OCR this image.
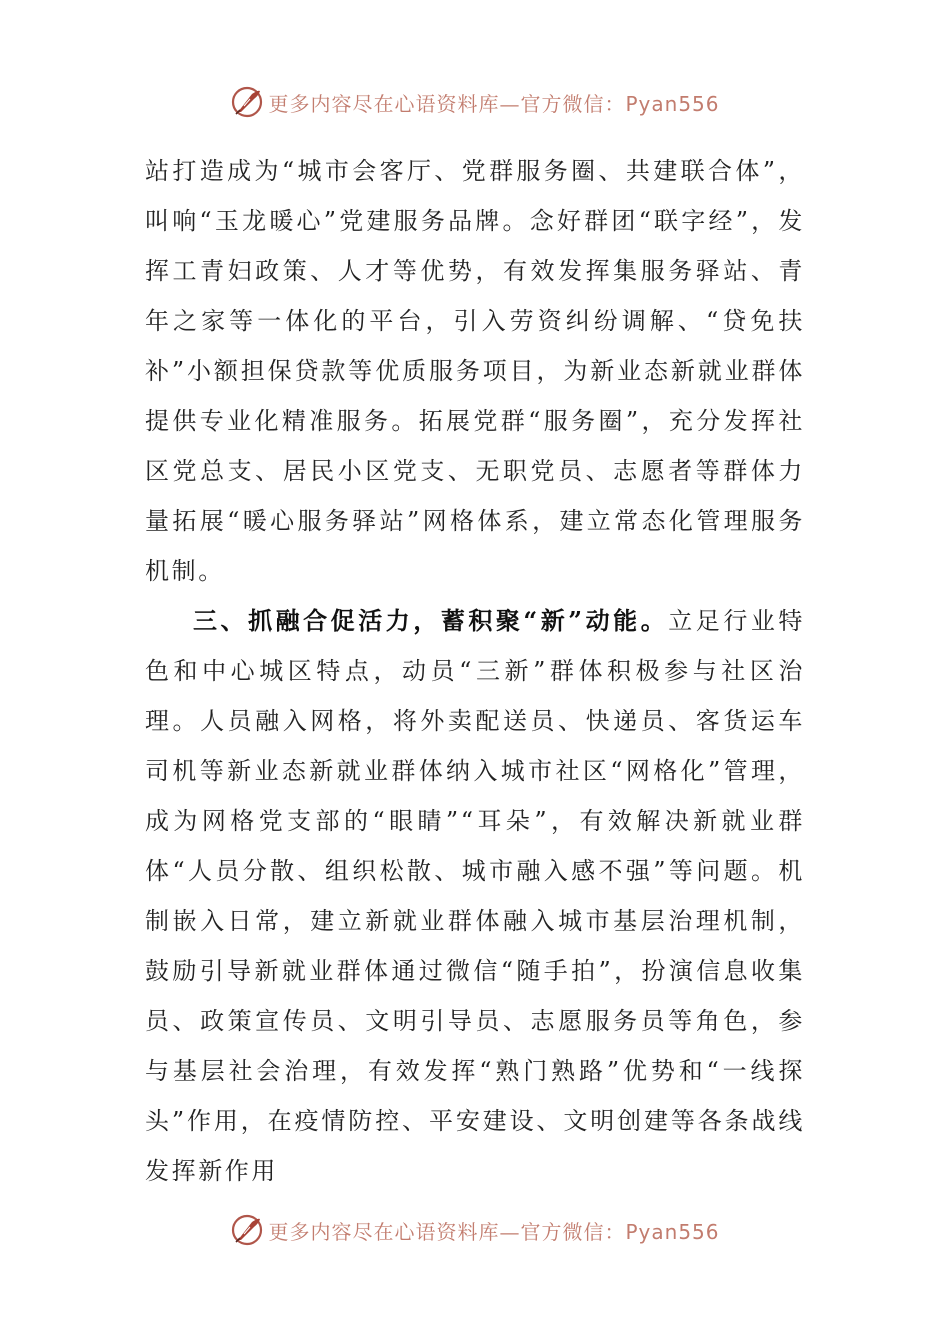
更多内容尽在心语资料库—官方微信：Pyan556

站打造成为“城市会客厅、党群服务圈、共建联合体”，叫响“玉龙暖心”党建服务品牌。念好群团“联字经”，发挥工青妇政策、人才等优势，有效发挥集服务驿站、青年之家等一体化的平台，引入劳资纠纷调解、“贷免扶补”小额担保贷款等优质服务项目，为新业态新就业群体提供专业化精准服务。拓展党群“服务圈”，充分发挥社区党总支、居民小区党支、无职党员、志愿者等群体力量拓展“暖心服务驿站”网格体系，建立常态化管理服务机制。

三、抓融合促活力，蓄积聚“新”动能。立足行业特色和中心城区特点，动员“三新”群体积极参与社区治理。人员融入网格，将外卖配送员、快递员、客货运车司机等新业态新就业群体纳入城市社区“网格化”管理，成为网格党支部的“眼睛”“耳朵”，有效解决新就业群体“人员分散、组织松散、城市融入感不强”等问题。机制嵌入日常，建立新就业群体融入城市基层治理机制，鼓励引导新就业群体通过微信“随手拍”，扮演信息收集员、政策宣传员、文明引导员、志愿服务员等角色，参与基层社会治理，有效发挥“熟门熟路”优势和“一线探头”作用，在疫情防控、平安建设、文明创建等各条战线发挥新作用

更多内容尽在心语资料库—官方微信：Pyan556
